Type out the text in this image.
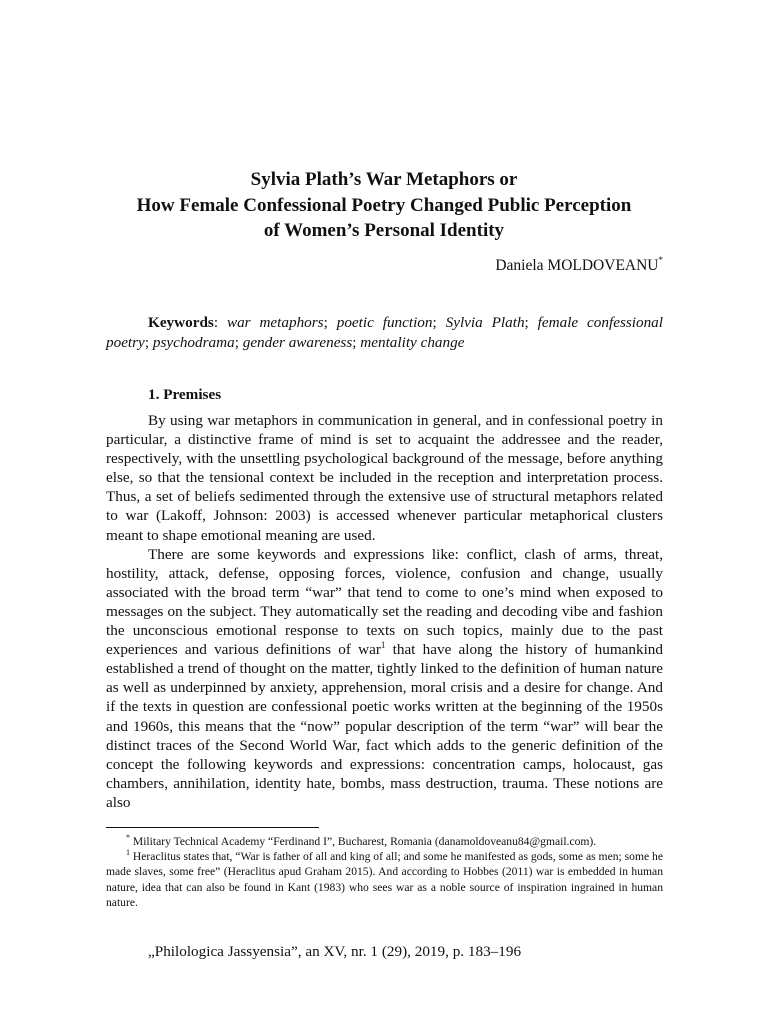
Sylvia Plath’s War Metaphors or
How Female Confessional Poetry Changed Public Perception
of Women’s Personal Identity
Daniela MOLDOVEANU*
Keywords: war metaphors; poetic function; Sylvia Plath; female confessional poetry; psychodrama; gender awareness; mentality change
1. Premises

By using war metaphors in communication in general, and in confessional poetry in particular, a distinctive frame of mind is set to acquaint the addressee and the reader, respectively, with the unsettling psychological background of the message, before anything else, so that the tensional context be included in the reception and interpretation process. Thus, a set of beliefs sedimented through the extensive use of structural metaphors related to war (Lakoff, Johnson: 2003) is accessed whenever particular metaphorical clusters meant to shape emotional meaning are used.

There are some keywords and expressions like: conflict, clash of arms, threat, hostility, attack, defense, opposing forces, violence, confusion and change, usually associated with the broad term “war” that tend to come to one’s mind when exposed to messages on the subject. They automatically set the reading and decoding vibe and fashion the unconscious emotional response to texts on such topics, mainly due to the past experiences and various definitions of war$^1$ that have along the history of humankind established a trend of thought on the matter, tightly linked to the definition of human nature as well as underpinned by anxiety, apprehension, moral crisis and a desire for change. And if the texts in question are confessional poetic works written at the beginning of the 1950s and 1960s, this means that the “now” popular description of the term “war” will bear the distinct traces of the Second World War, fact which adds to the generic definition of the concept the following keywords and expressions: concentration camps, holocaust, gas chambers, annihilation, identity hate, bombs, mass destruction, trauma. These notions are also

* Military Technical Academy “Ferdinand I”, Bucharest, Romania (danamoldoveanu84@gmail.com).

$^1$ Heraclitus states that, “War is father of all and king of all; and some he manifested as gods, some as men; some he made slaves, some free” (Heraclitus apud Graham 2015). And according to Hobbes (2011) war is embedded in human nature, idea that can also be found in Kant (1983) who sees war as a noble source of inspiration ingrained in human nature.

„Philologica Jassyensia”, an XV, nr. 1 (29), 2019, p. 183–196
